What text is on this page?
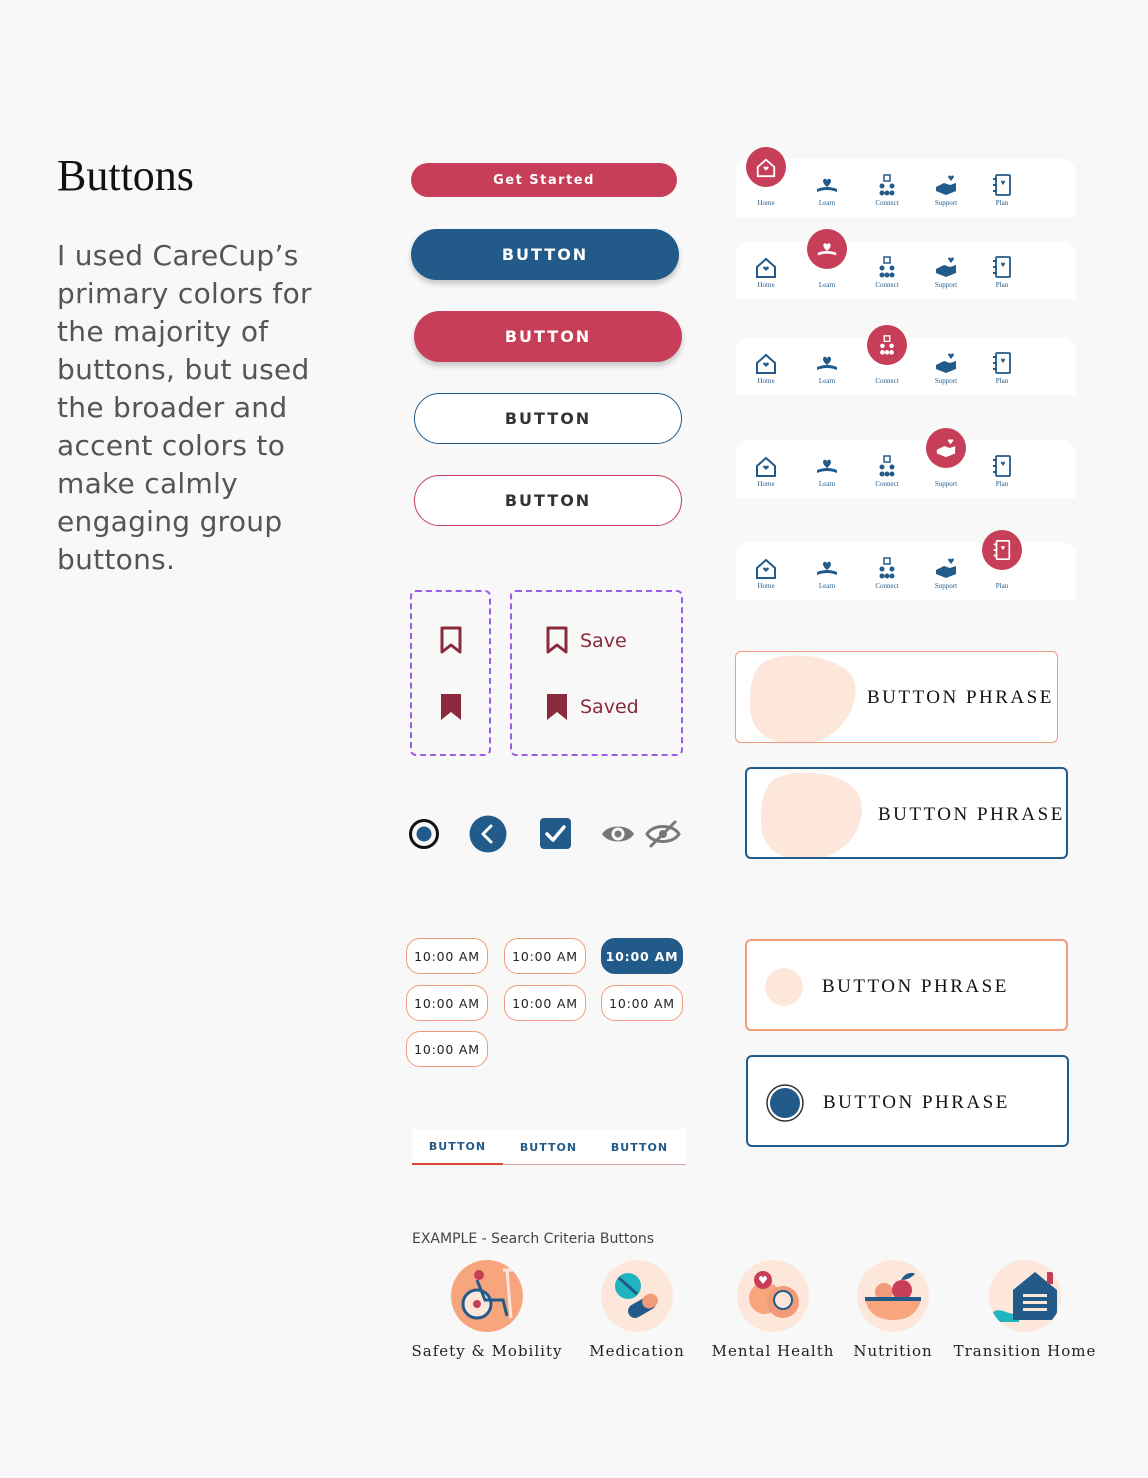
Buttons
I used CareCup’s primary colors for the majority of buttons, but used the broader and accent colors to make calmly engaging group buttons.
Get Started
BUTTON
BUTTON
BUTTON
BUTTON
Save
Saved
10:00 AM	10:00 AM	10:00 AM
10:00 AM	10:00 AM	10:00 AM
10:00 AM
BUTTON	BUTTON	BUTTON
EXAMPLE - Search Criteria Buttons
Safety & Mobility Medication Mental Health Nutrition Transition Home
Home	Learn	Connect	Support	Plan
Home	Learn	Connect	Support	Plan
Home	Learn	Connect	Support	Plan
Home	Learn	Connect	Support	Plan
Home	Learn	Connect	Support	Plan
BUTTON PHRASE
BUTTON PHRASE
BUTTON PHRASE
BUTTON PHRASE
